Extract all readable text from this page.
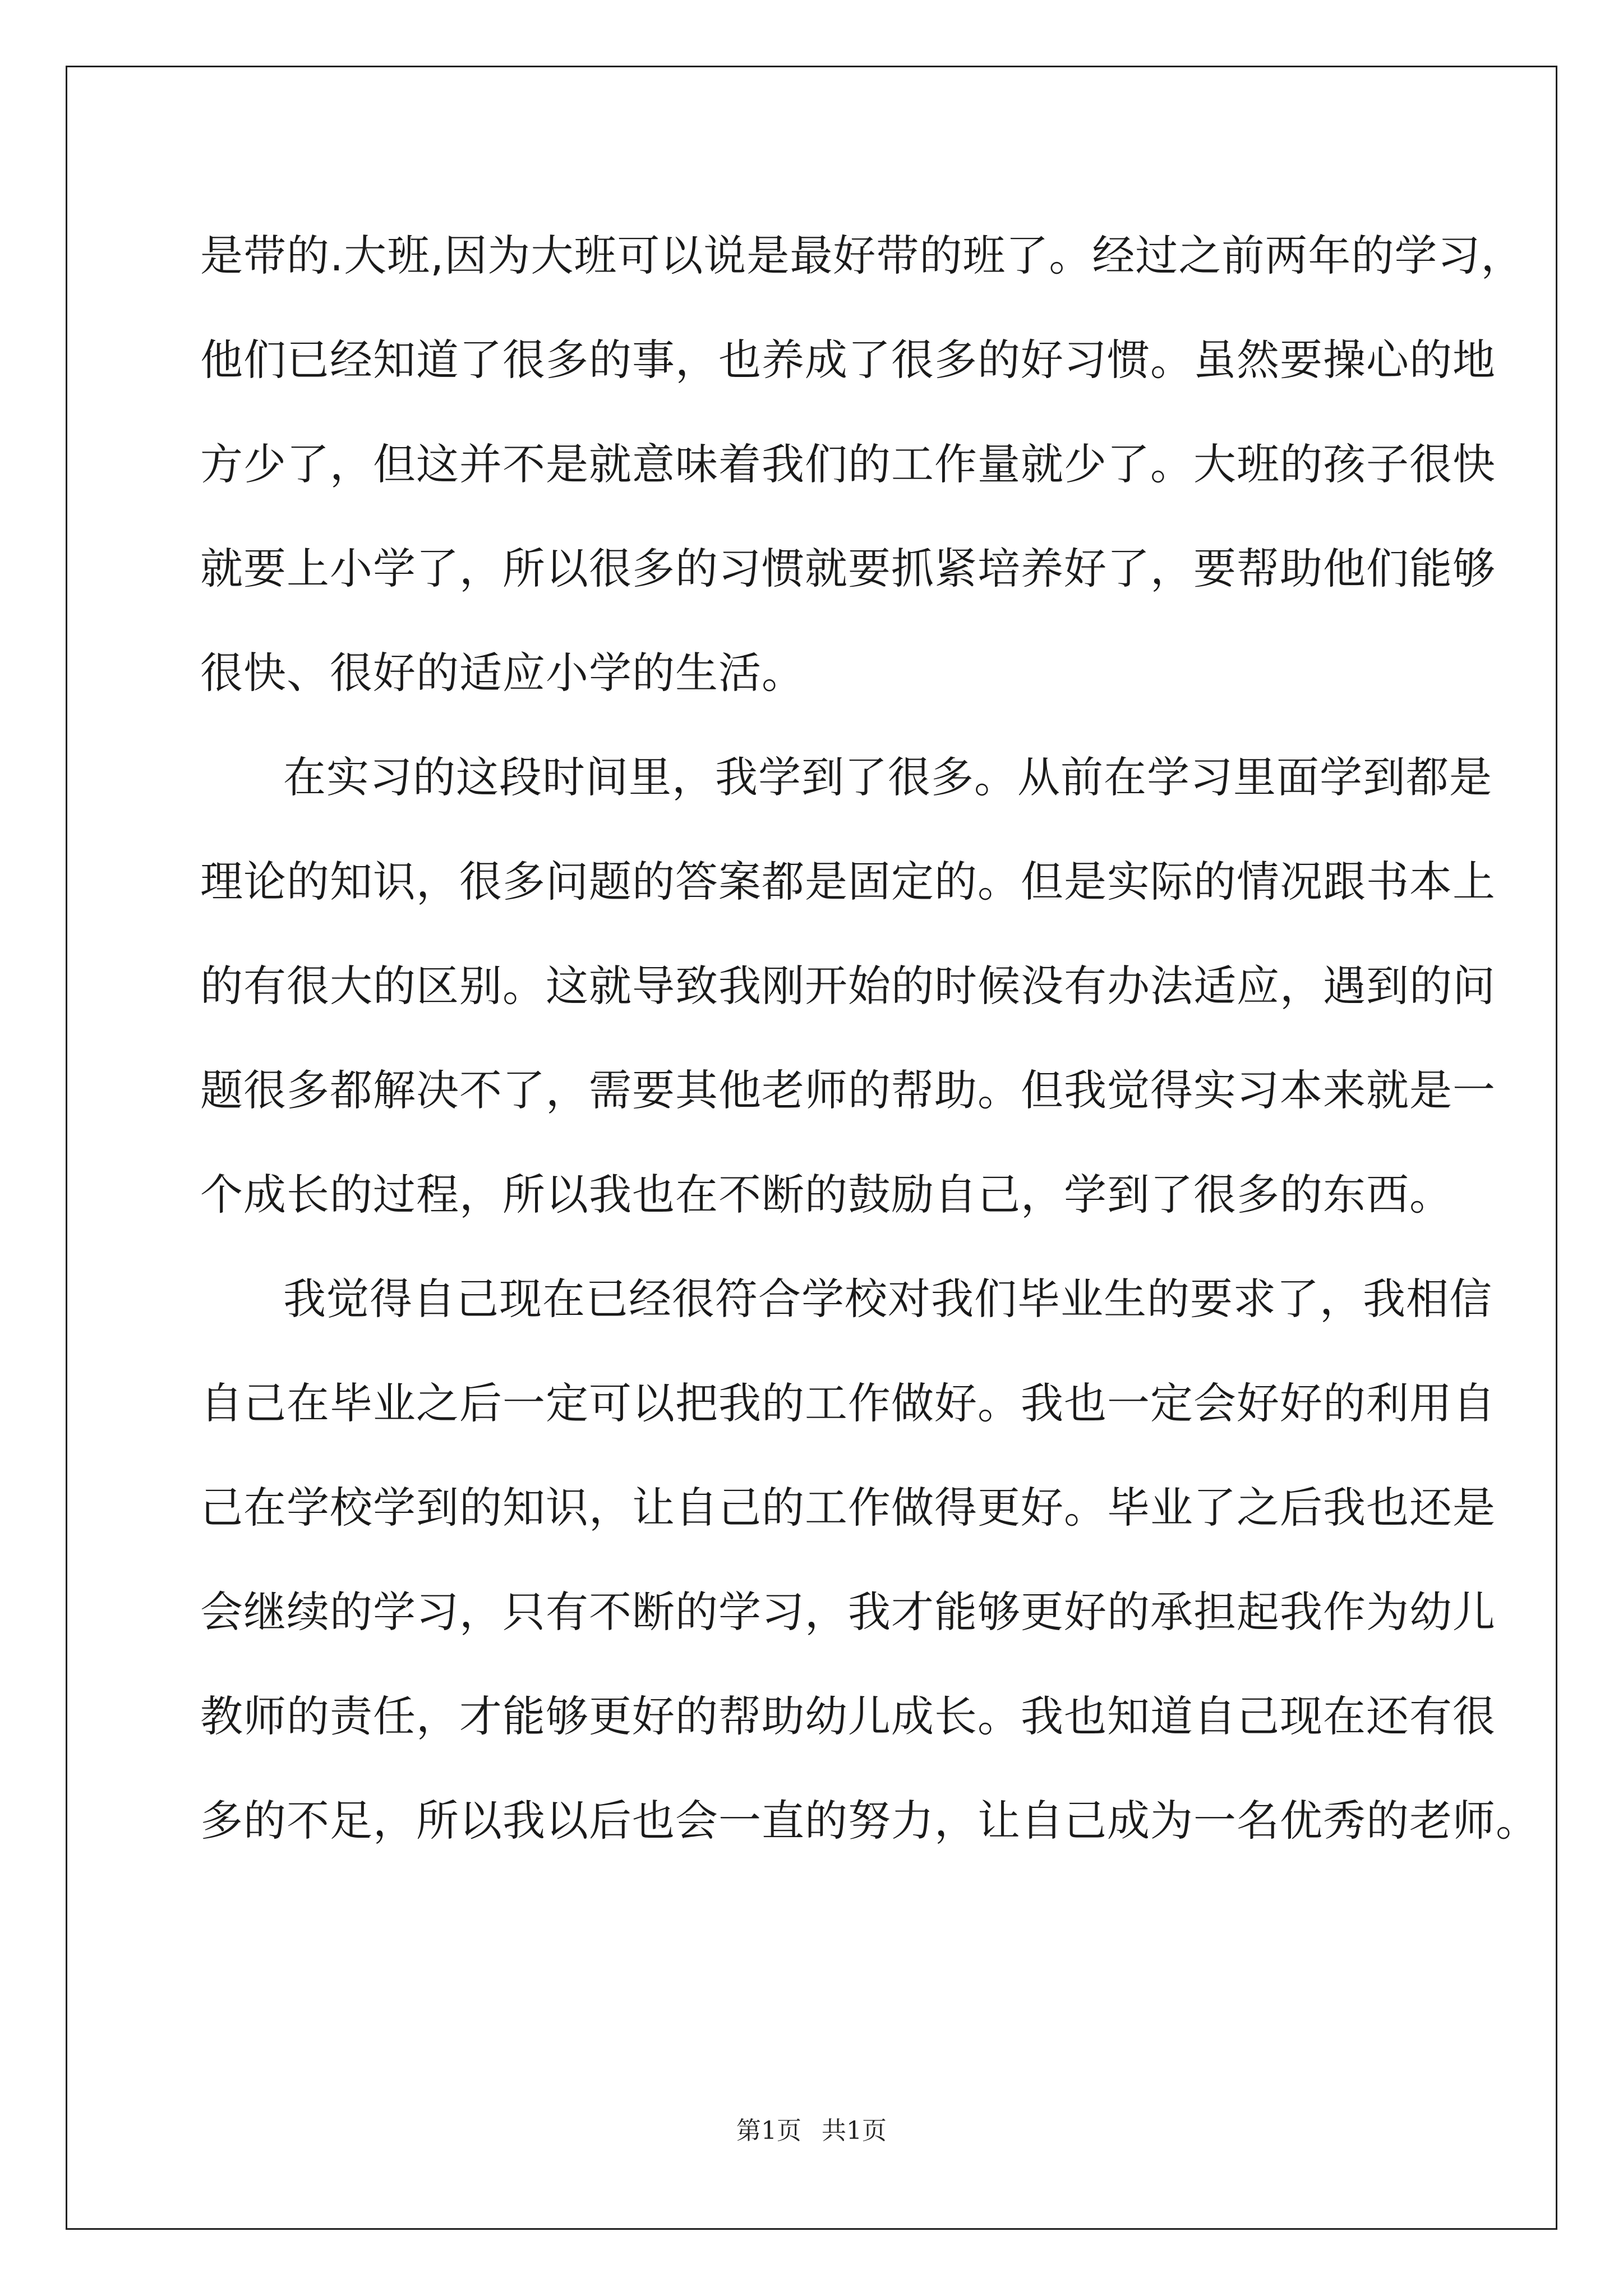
是带的.大班,因为大班可以说是最好带的班了。经过之前两年的学习，
他们已经知道了很多的事，也养成了很多的好习惯。虽然要操心的地
方少了，但这并不是就意味着我们的工作量就少了。大班的孩子很快
就要上小学了，所以很多的习惯就要抓紧培养好了，要帮助他们能够
很快、很好的适应小学的生活。
在实习的这段时间里，我学到了很多。从前在学习里面学到都是
理论的知识，很多问题的答案都是固定的。但是实际的情况跟书本上
的有很大的区别。这就导致我刚开始的时候没有办法适应，遇到的问
题很多都解决不了，需要其他老师的帮助。但我觉得实习本来就是一
个成长的过程，所以我也在不断的鼓励自己，学到了很多的东西。
我觉得自己现在已经很符合学校对我们毕业生的要求了，我相信
自己在毕业之后一定可以把我的工作做好。我也一定会好好的利用自
己在学校学到的知识，让自己的工作做得更好。毕业了之后我也还是
会继续的学习，只有不断的学习，我才能够更好的承担起我作为幼儿
教师的责任，才能够更好的帮助幼儿成长。我也知道自己现在还有很
多的不足，所以我以后也会一直的努力，让自己成为一名优秀的老师。
第1页 共1页
